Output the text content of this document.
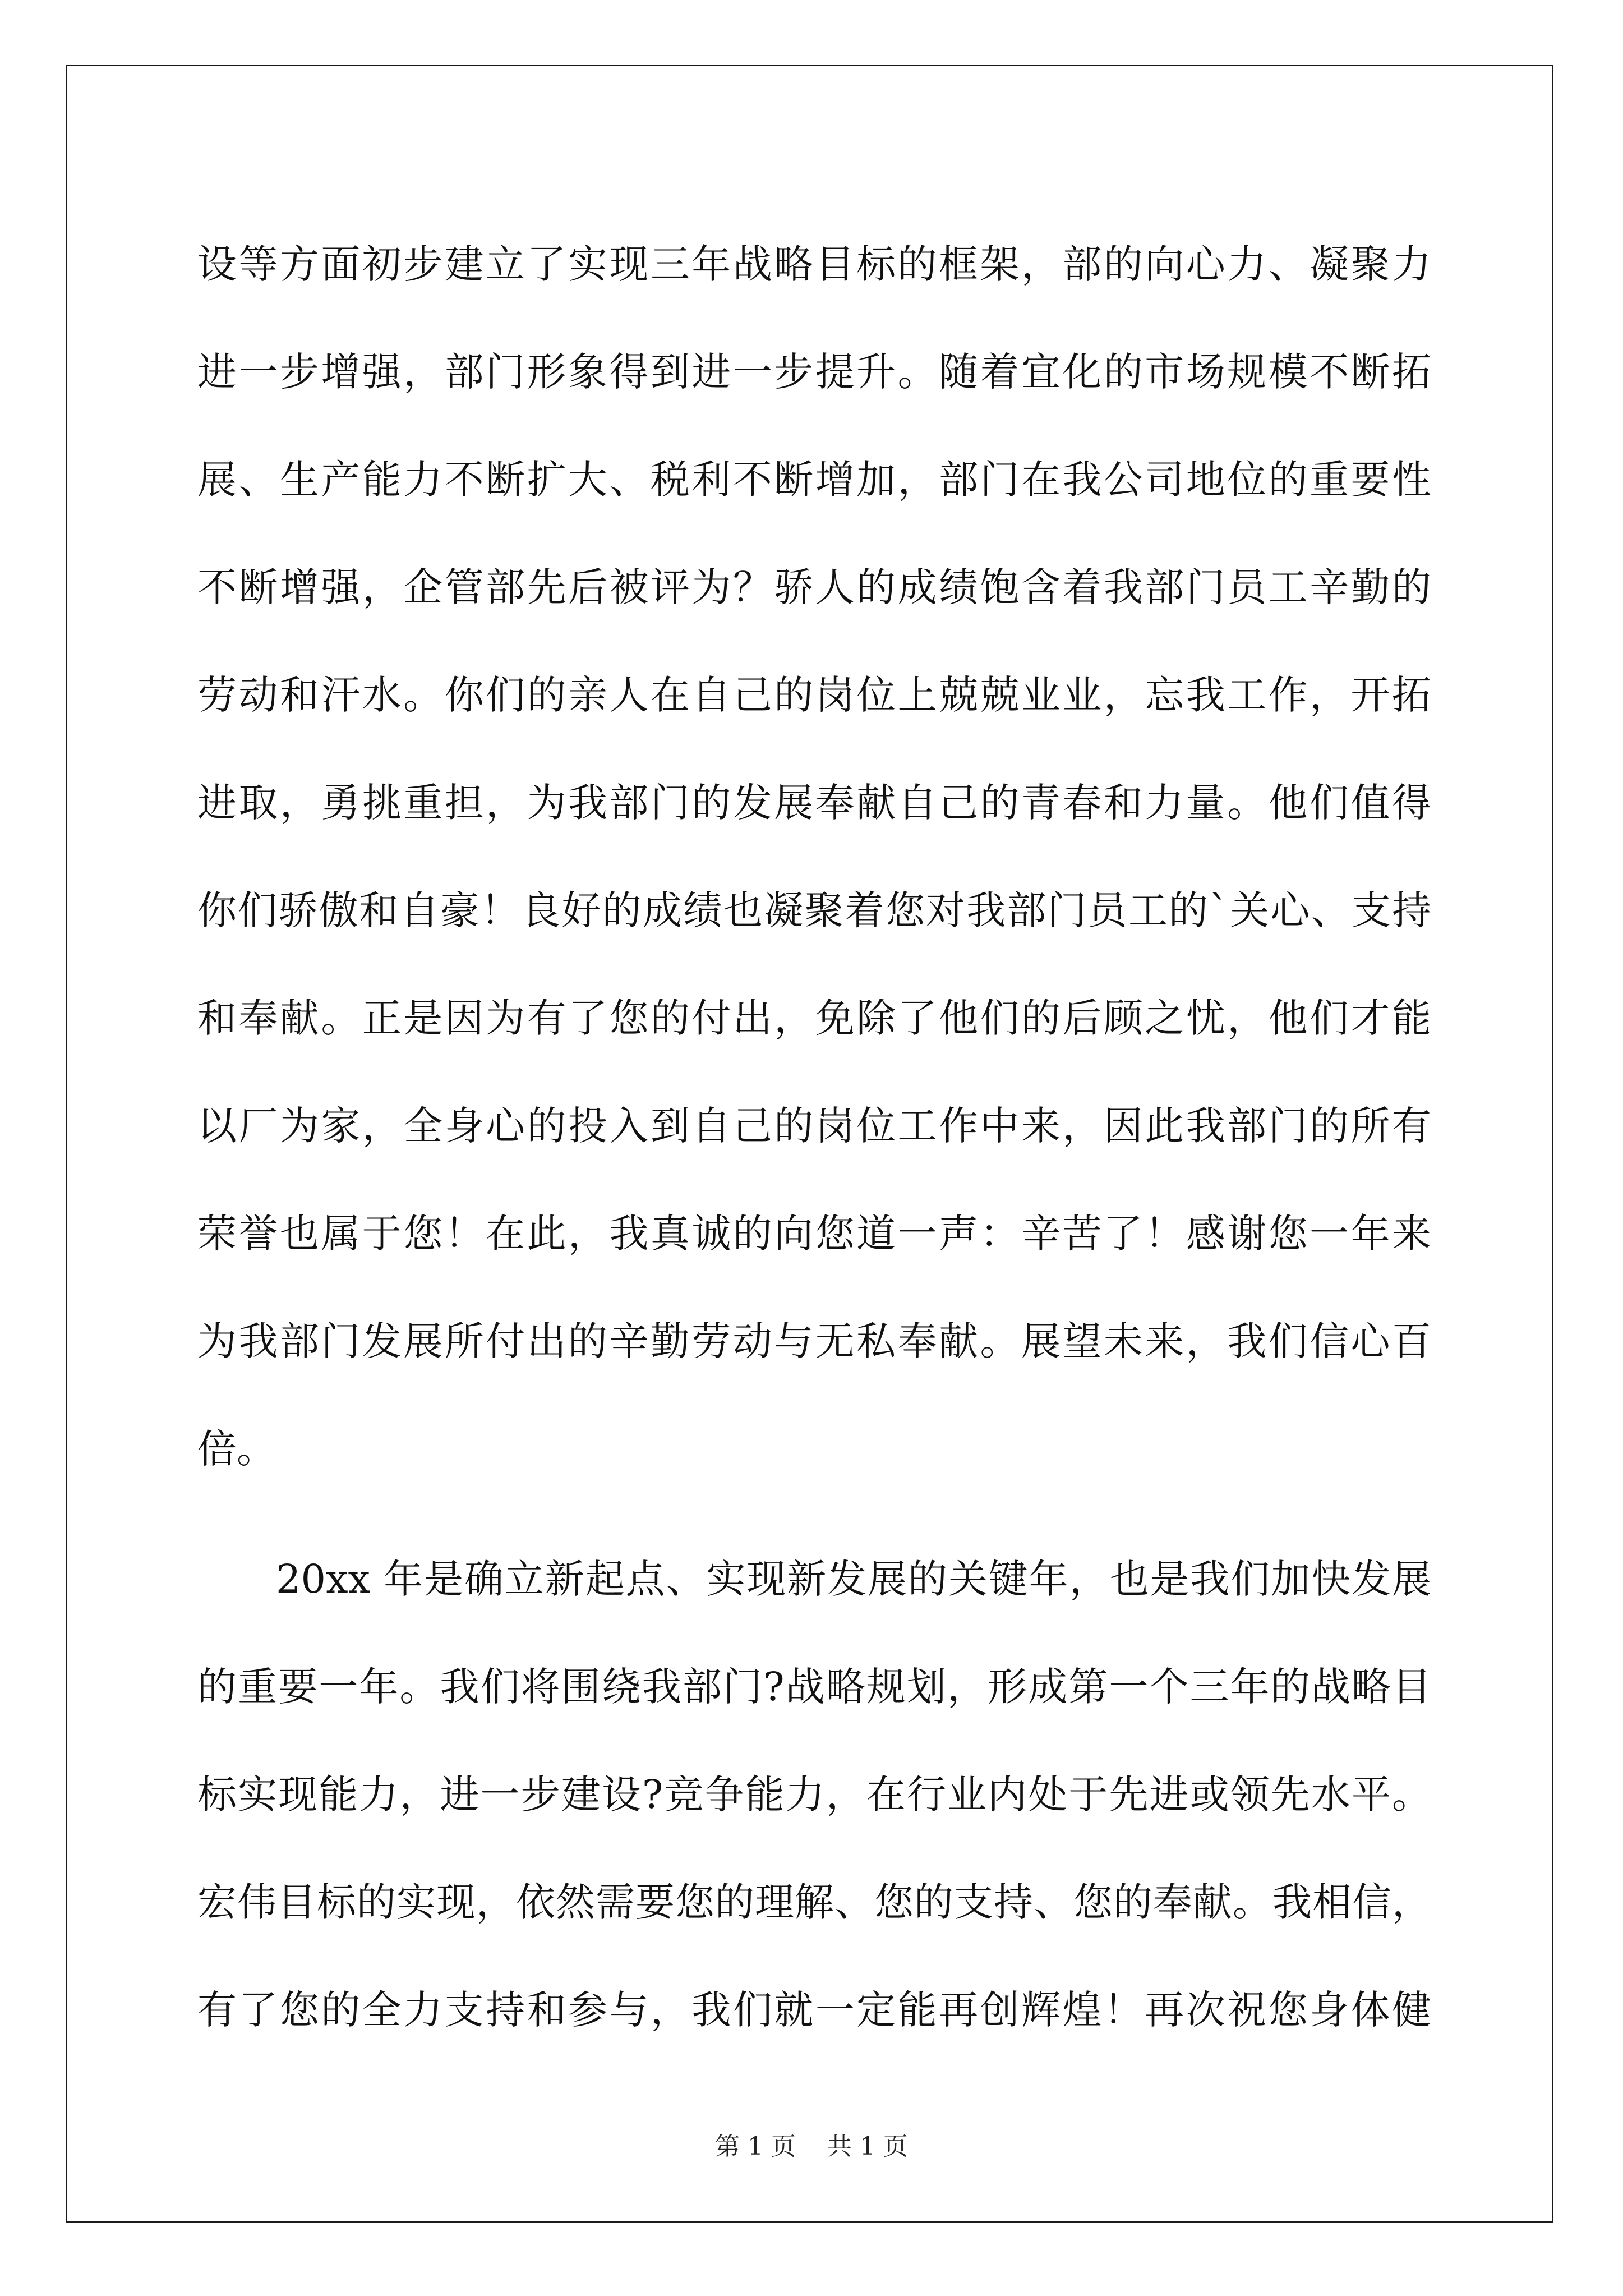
设等方面初步建立了实现三年战略目标的框架，部的向心力、凝聚力
进一步增强，部门形象得到进一步提升。随着宜化的市场规模不断拓
展、生产能力不断扩大、税利不断增加，部门在我公司地位的重要性
不断增强，企管部先后被评为？骄人的成绩饱含着我部门员工辛勤的
劳动和汗水。你们的亲人在自己的岗位上兢兢业业，忘我工作，开拓
进取，勇挑重担，为我部门的发展奉献自己的青春和力量。他们值得
你们骄傲和自豪！良好的成绩也凝聚着您对我部门员工的`关心、支持
和奉献。正是因为有了您的付出，免除了他们的后顾之忧，他们才能
以厂为家，全身心的投入到自己的岗位工作中来，因此我部门的所有
荣誉也属于您！在此，我真诚的向您道一声：辛苦了！感谢您一年来
为我部门发展所付出的辛勤劳动与无私奉献。展望未来，我们信心百
倍。
20xx 年是确立新起点、实现新发展的关键年，也是我们加快发展
的重要一年。我们将围绕我部门?战略规划，形成第一个三年的战略目
标实现能力，进一步建设?竞争能力，在行业内处于先进或领先水平。
宏伟目标的实现，依然需要您的理解、您的支持、您的奉献。我相信，
有了您的全力支持和参与，我们就一定能再创辉煌！再次祝您身体健
第 1 页    共 1 页
